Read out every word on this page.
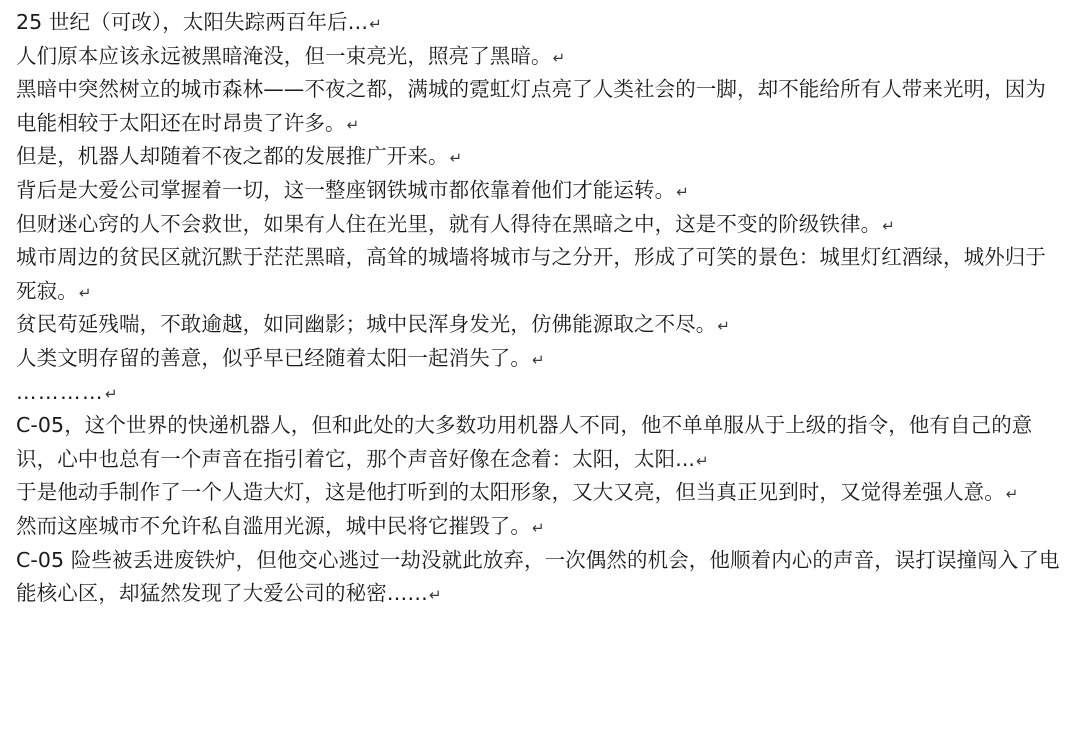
25 世纪（可改），太阳失踪两百年后…↵

人们原本应该永远被黑暗淹没，但一束亮光，照亮了黑暗。↵

黑暗中突然树立的城市森林——不夜之都，满城的霓虹灯点亮了人类社会的一脚，却不能给所有人带来光明，因为电能相较于太阳还在时昂贵了许多。↵

但是，机器人却随着不夜之都的发展推广开来。↵

背后是大爱公司掌握着一切，这一整座钢铁城市都依靠着他们才能运转。↵

但财迷心窍的人不会救世，如果有人住在光里，就有人得待在黑暗之中，这是不变的阶级铁律。↵

城市周边的贫民区就沉默于茫茫黑暗，高耸的城墙将城市与之分开，形成了可笑的景色：城里灯红酒绿，城外归于死寂。↵

贫民苟延残喘，不敢逾越，如同幽影；城中民浑身发光，仿佛能源取之不尽。↵

人类文明存留的善意，似乎早已经随着太阳一起消失了。↵

…………↵

C-05，这个世界的快递机器人，但和此处的大多数功用机器人不同，他不单单服从于上级的指令，他有自己的意识，心中也总有一个声音在指引着它，那个声音好像在念着：太阳，太阳...↵

于是他动手制作了一个人造大灯，这是他打听到的太阳形象，又大又亮，但当真正见到时，又觉得差强人意。↵

然而这座城市不允许私自滥用光源，城中民将它摧毁了。↵

C-05 险些被丢进废铁炉，但他交心逃过一劫没就此放弃，一次偶然的机会，他顺着内心的声音，误打误撞闯入了电能核心区，却猛然发现了大爱公司的秘密……↵
